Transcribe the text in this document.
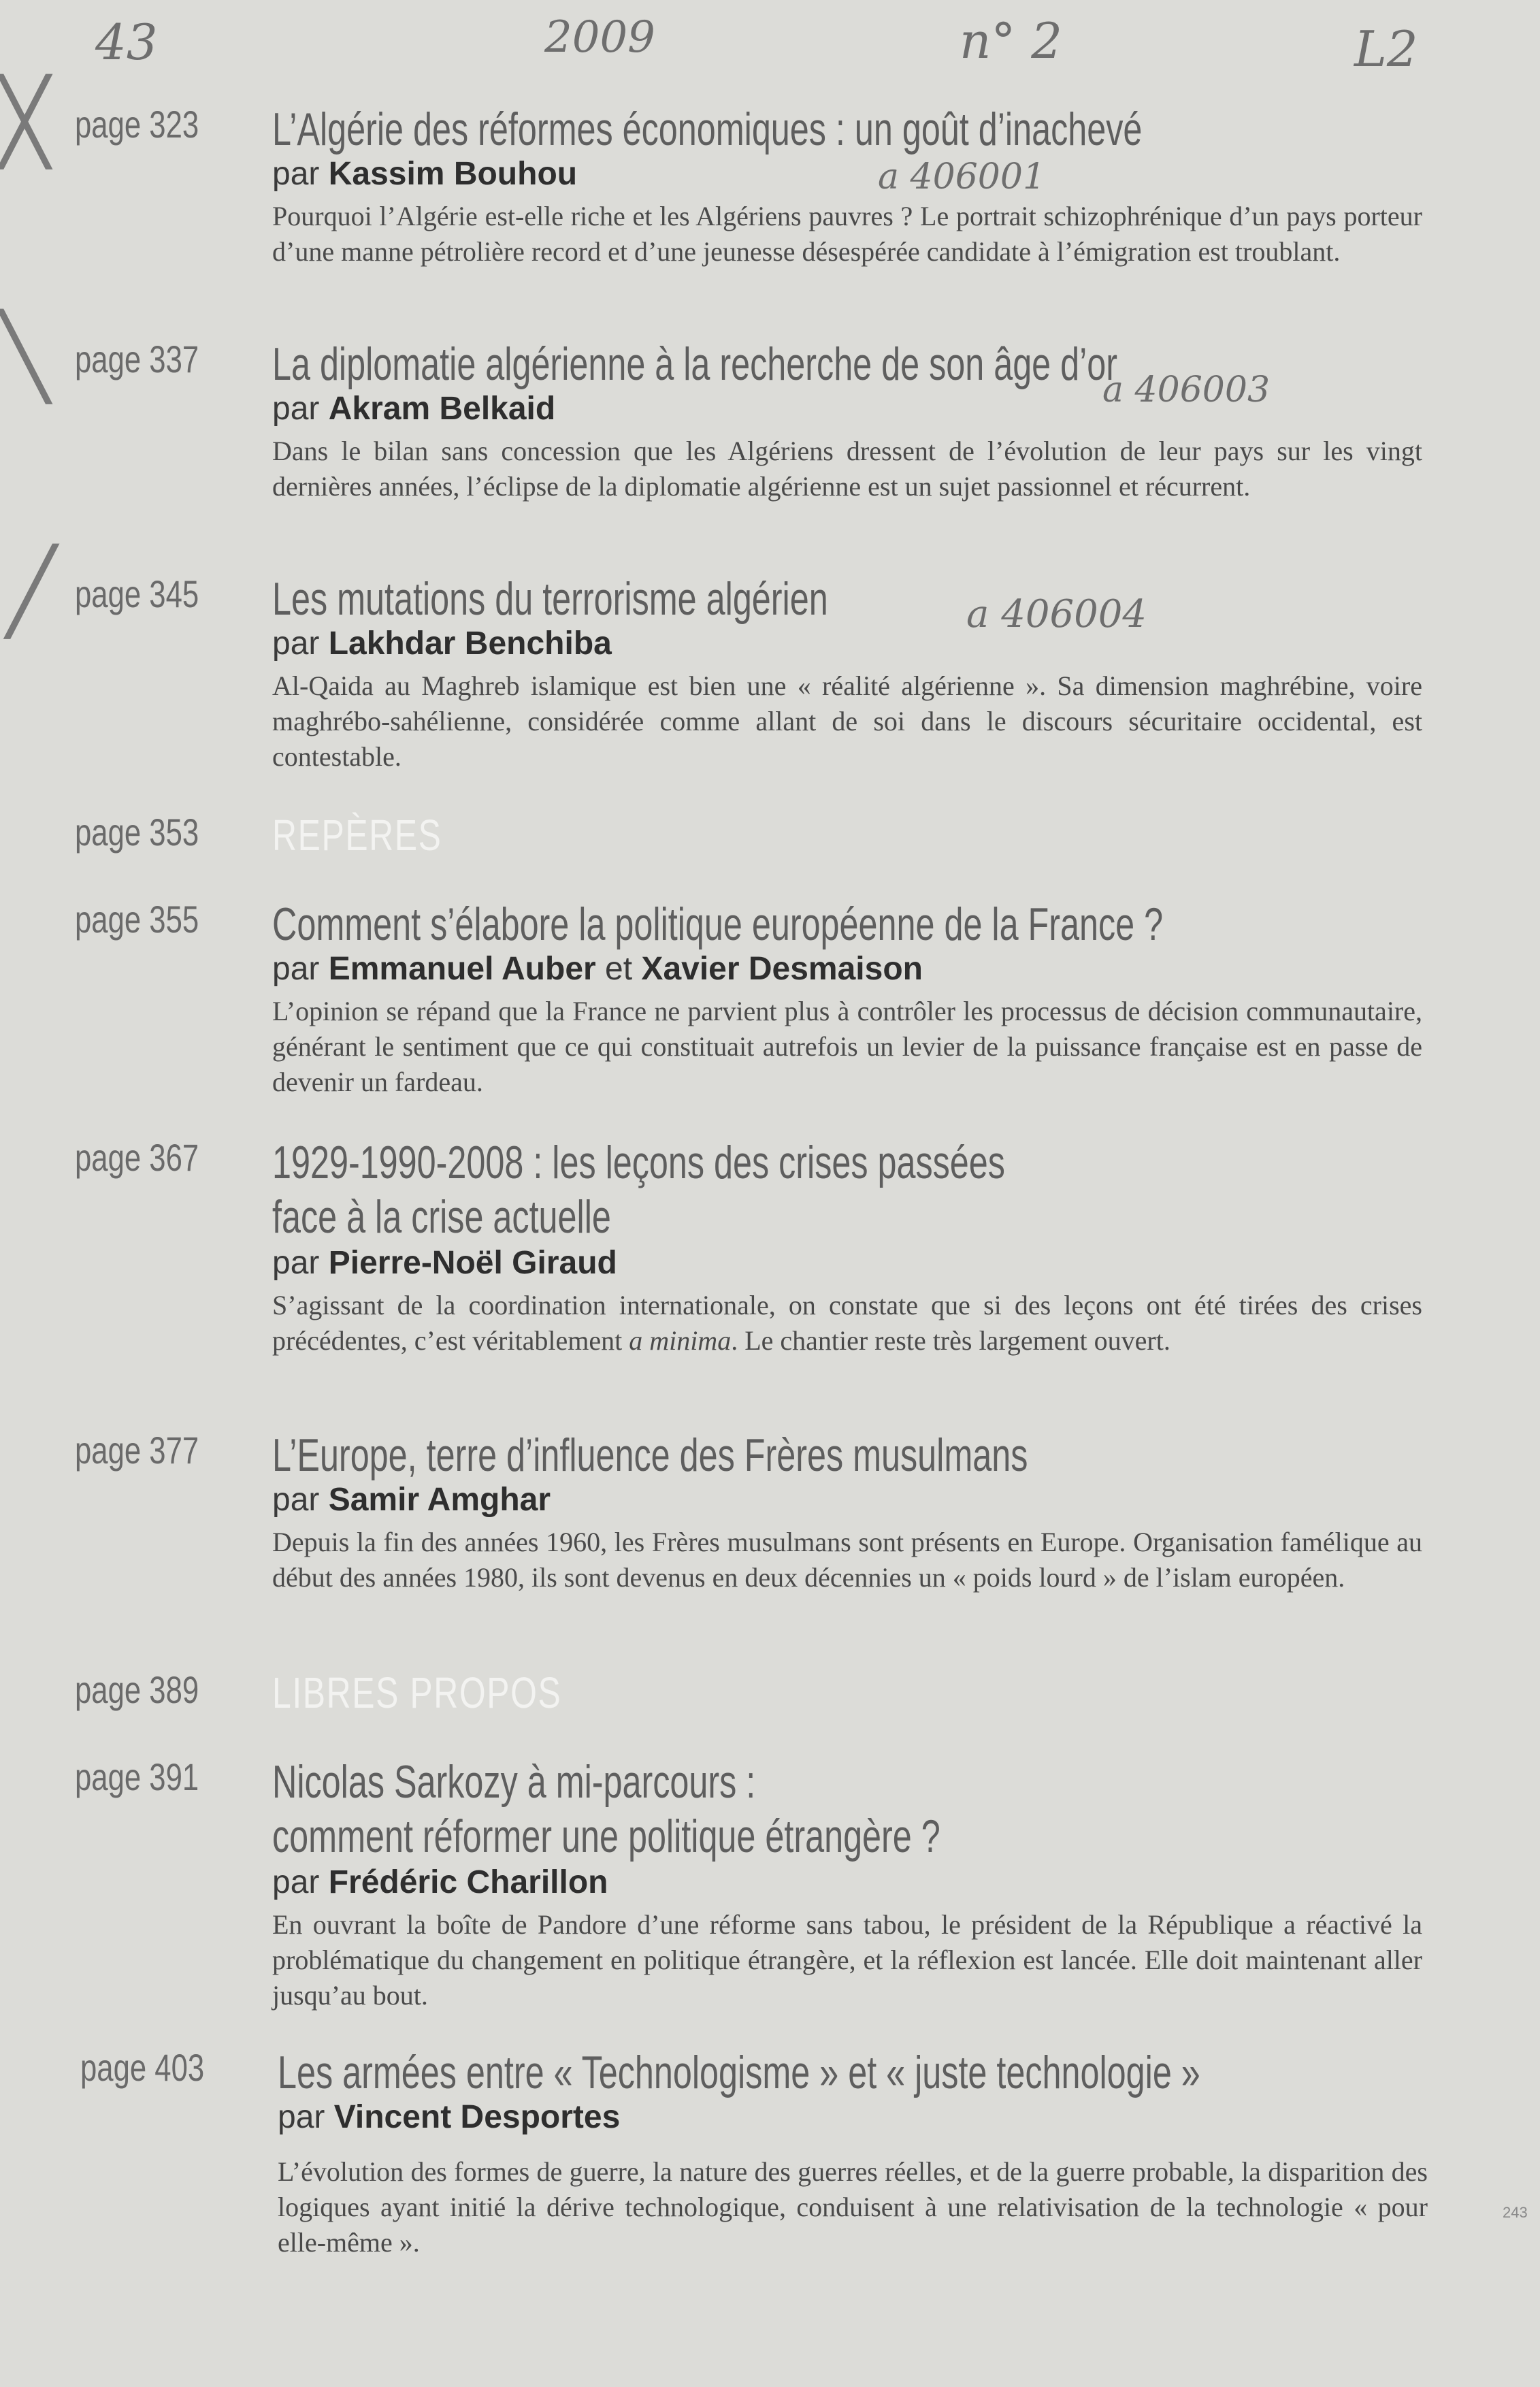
43	2009	n° 2	L2
╳
╲
╱
page 323 L’Algérie des réformes économiques : un goût d’inachevé
a 406001
par Kassim Bouhou
Pourquoi l’Algérie est-elle riche et les Algériens pauvres ? Le portrait schizophrénique d’un pays porteur d’une manne pétrolière record et d’une jeunesse désespérée candidate à l’émigration est troublant.
page 337 La diplomatie algérienne à la recherche de son âge d’or
a 406003
par Akram Belkaid
Dans le bilan sans concession que les Algériens dressent de l’évolution de leur pays sur les vingt dernières années, l’éclipse de la diplomatie algérienne est un sujet passionnel et récurrent.
page 345 Les mutations du terrorisme algérien	a 406004
par Lakhdar Benchiba
Al-Qaida au Maghreb islamique est bien une « réalité algérienne ». Sa dimension maghrébine, voire maghrébo-sahélienne, considérée comme allant de soi dans le discours sécuritaire occidental, est contestable.
page 353 REPÈRES
page 355 Comment s’élabore la politique européenne de la France ?
par Emmanuel Auber et Xavier Desmaison
L’opinion se répand que la France ne parvient plus à contrôler les processus de décision communautaire, générant le sentiment que ce qui constituait autrefois un levier de la puissance française est en passe de devenir un fardeau.
page 367 1929-1990-2008 : les leçons des crises passées
face à la crise actuelle
par Pierre-Noël Giraud
S’agissant de la coordination internationale, on constate que si des leçons ont été tirées des crises précédentes, c’est véritablement a minima. Le chantier reste très largement ouvert.
page 377 L’Europe, terre d’influence des Frères musulmans
par Samir Amghar
Depuis la fin des années 1960, les Frères musulmans sont présents en Europe. Organisation famélique au début des années 1980, ils sont devenus en deux décennies un « poids lourd » de l’islam européen.
page 389 LIBRES PROPOS
page 391 Nicolas Sarkozy à mi-parcours :
comment réformer une politique étrangère ?
par Frédéric Charillon
En ouvrant la boîte de Pandore d’une réforme sans tabou, le président de la République a réactivé la problématique du changement en politique étrangère, et la réflexion est lancée. Elle doit maintenant aller jusqu’au bout.
page 403 Les armées entre « Technologisme » et « juste technologie »
par Vincent Desportes
L’évolution des formes de guerre, la nature des guerres réelles, et de la guerre probable, la disparition des logiques ayant initié la dérive technologique, conduisent à une relativisation de la technologie « pour elle-même ».
243
